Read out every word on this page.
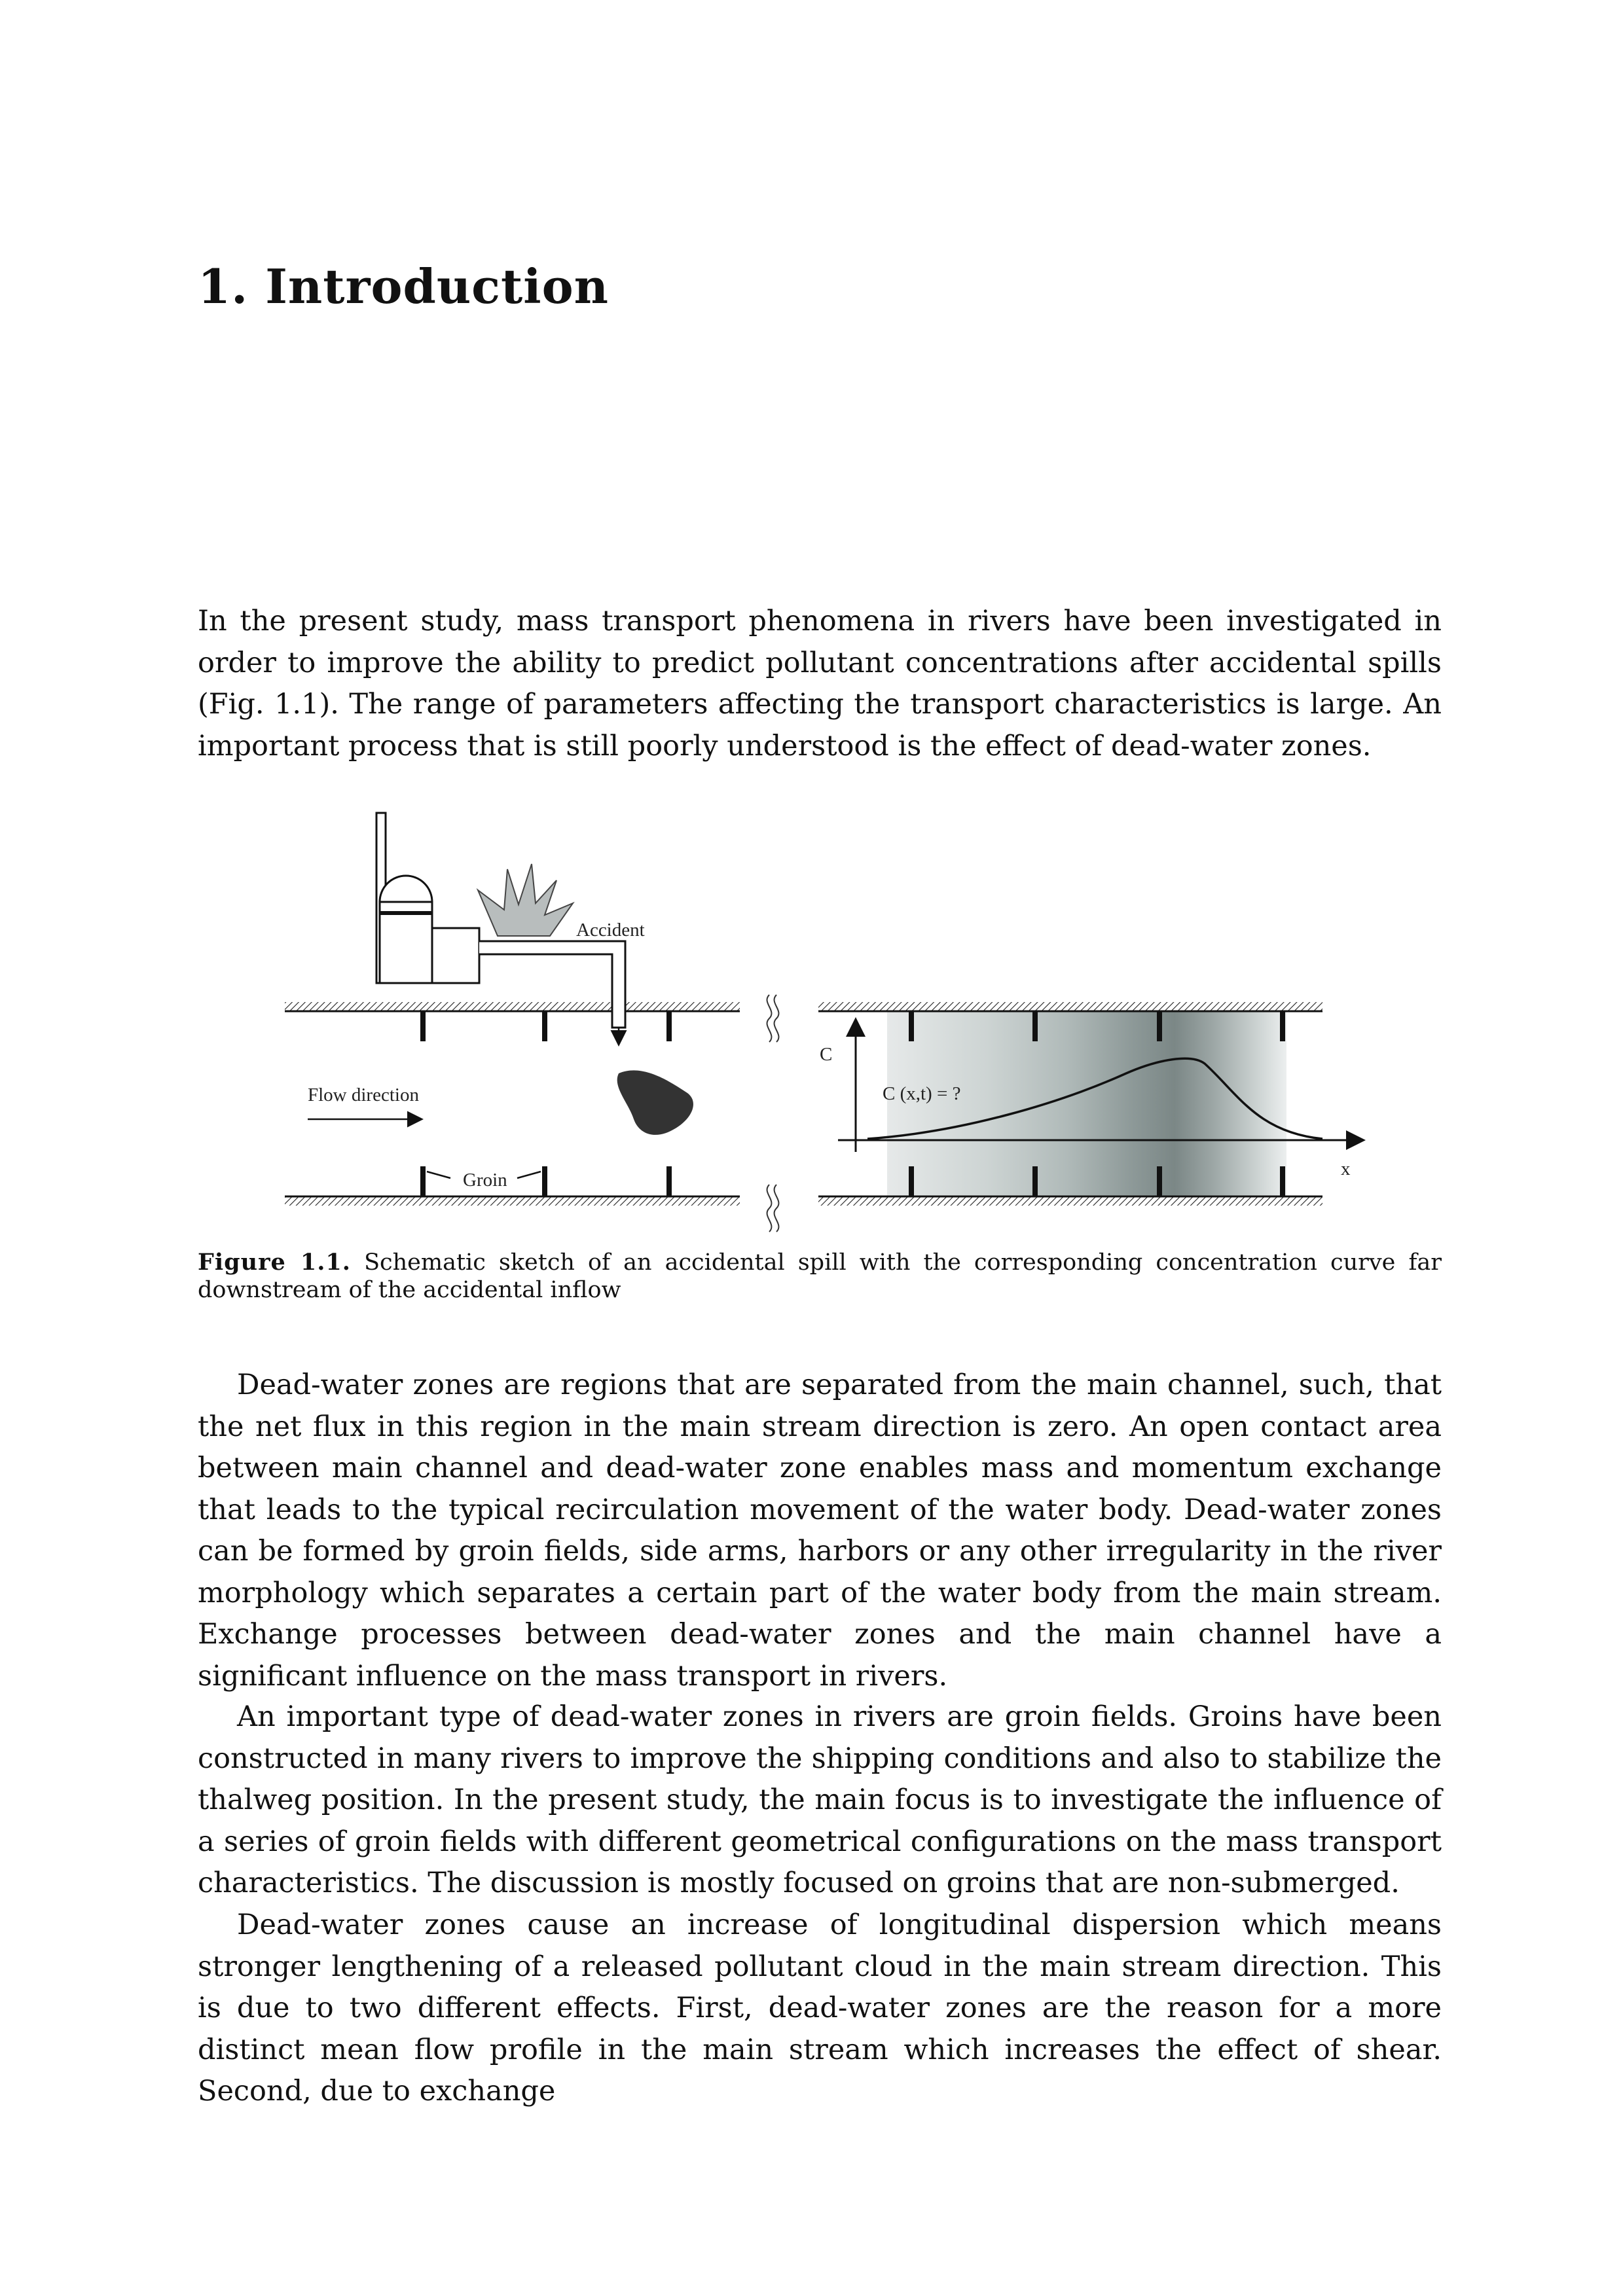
1. Introduction

In the present study, mass transport phenomena in rivers have been investigated in order to improve the ability to predict pollutant concentrations after accidental spills (Fig. 1.1). The range of parameters affecting the transport characteristics is large. An important process that is still poorly understood is the effect of dead-water zones.

Accident
Flow direction
Groin
C
x
C (x,t) = ?

Figure 1.1. Schematic sketch of an accidental spill with the corresponding concentration curve far downstream of the accidental inflow

Dead-water zones are regions that are separated from the main channel, such, that the net flux in this region in the main stream direction is zero. An open contact area between main channel and dead-water zone enables mass and momentum exchange that leads to the typical recirculation movement of the water body. Dead-water zones can be formed by groin fields, side arms, harbors or any other irregularity in the river morphology which separates a certain part of the water body from the main stream. Exchange processes between dead-water zones and the main channel have a significant influence on the mass transport in rivers.

An important type of dead-water zones in rivers are groin fields. Groins have been constructed in many rivers to improve the shipping conditions and also to stabilize the thalweg position. In the present study, the main focus is to investigate the influence of a series of groin fields with different geometrical configurations on the mass transport characteristics. The discussion is mostly focused on groins that are non-submerged.

Dead-water zones cause an increase of longitudinal dispersion which means stronger lengthening of a released pollutant cloud in the main stream direction. This is due to two different effects. First, dead-water zones are the reason for a more distinct mean flow profile in the main stream which increases the effect of shear. Second, due to exchange
